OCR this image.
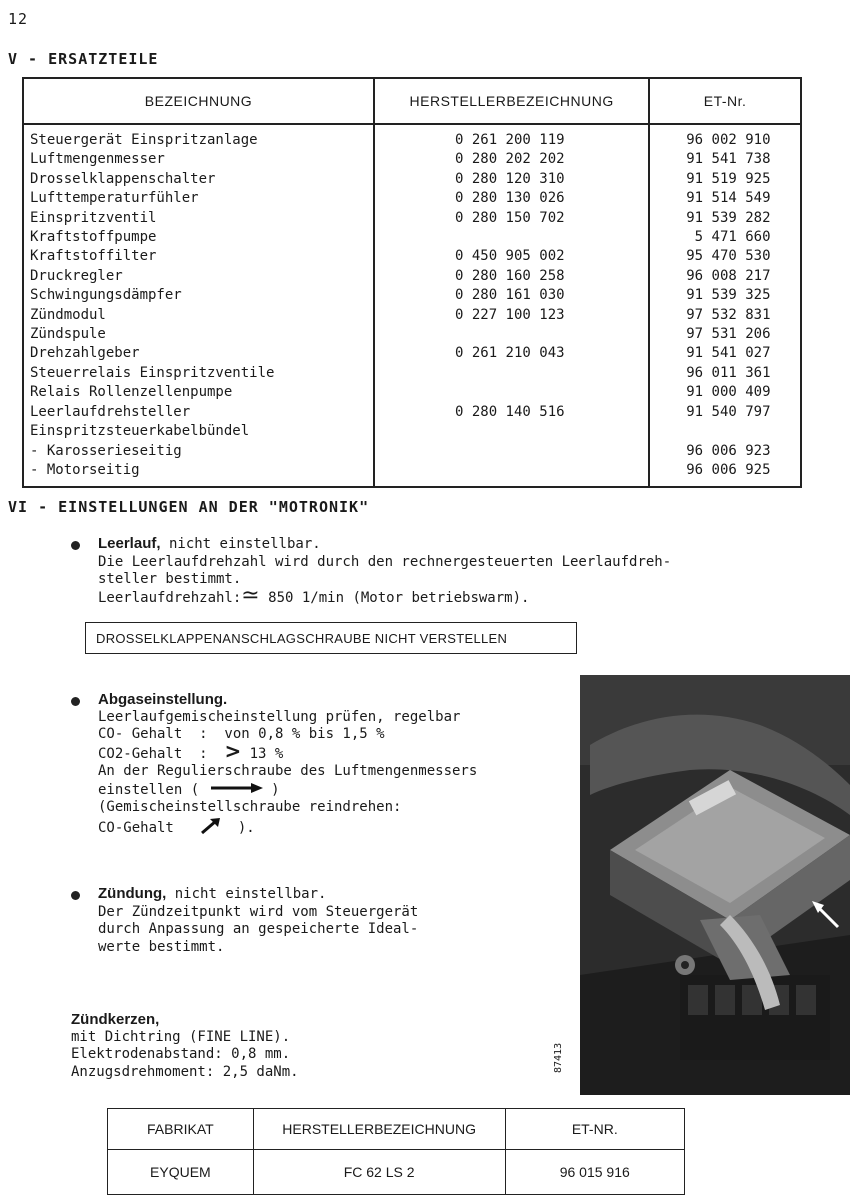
12
V - ERSATZTEILE
BEZEICHNUNG	HERSTELLERBEZEICHNUNG	ET-Nr.
Steuergerät Einspritzanlage	0 261 200 119	96 002 910
Luftmengenmesser	0 280 202 202	91 541 738
Drosselklappenschalter	0 280 120 310	91 519 925
Lufttemperaturfühler	0 280 130 026	91 514 549
Einspritzventil	0 280 150 702	91 539 282
Kraftstoffpumpe		5 471 660
Kraftstoffilter	0 450 905 002	95 470 530
Druckregler	0 280 160 258	96 008 217
Schwingungsdämpfer	0 280 161 030	91 539 325
Zündmodul	0 227 100 123	97 532 831
Zündspule		97 531 206
Drehzahlgeber	0 261 210 043	91 541 027
Steuerrelais Einspritzventile		96 011 361
Relais Rollenzellenpumpe		91 000 409
Leerlaufdrehsteller	0 280 140 516	91 540 797
Einspritzsteuerkabelbündel		
- Karosserieseitig		96 006 923
- Motorseitig		96 006 925
VI - EINSTELLUNGEN AN DER "MOTRONIK"
Leerlauf, nicht einstellbar.
Die Leerlaufdrehzahl wird durch den rechnergesteuerten Leerlaufdreh-
steller bestimmt.
Leerlaufdrehzahl:≃ 850 1/min (Motor betriebswarm).
DROSSELKLAPPENANSCHLAGSCHRAUBE NICHT VERSTELLEN
Abgaseinstellung.
Leerlaufgemischeinstellung prüfen, regelbar
CO- Gehalt  :  von 0,8 % bis 1,5 %
CO2-Gehalt  :  > 13 %
An der Regulierschraube des Luftmengenmessers
einstellen (	)
(Gemischeinstellschraube reindrehen:
CO-Gehalt	).
Zündung, nicht einstellbar.
Der Zündzeitpunkt wird vom Steuergerät
durch Anpassung an gespeicherte Ideal-
werte bestimmt.
Zündkerzen,
mit Dichtring (FINE LINE).
Elektrodenabstand: 0,8 mm.
Anzugsdrehmoment: 2,5 daNm.	87413
FABRIKAT	HERSTELLERBEZEICHNUNG	ET-NR.
EYQUEM	FC 62 LS 2	96 015 916
